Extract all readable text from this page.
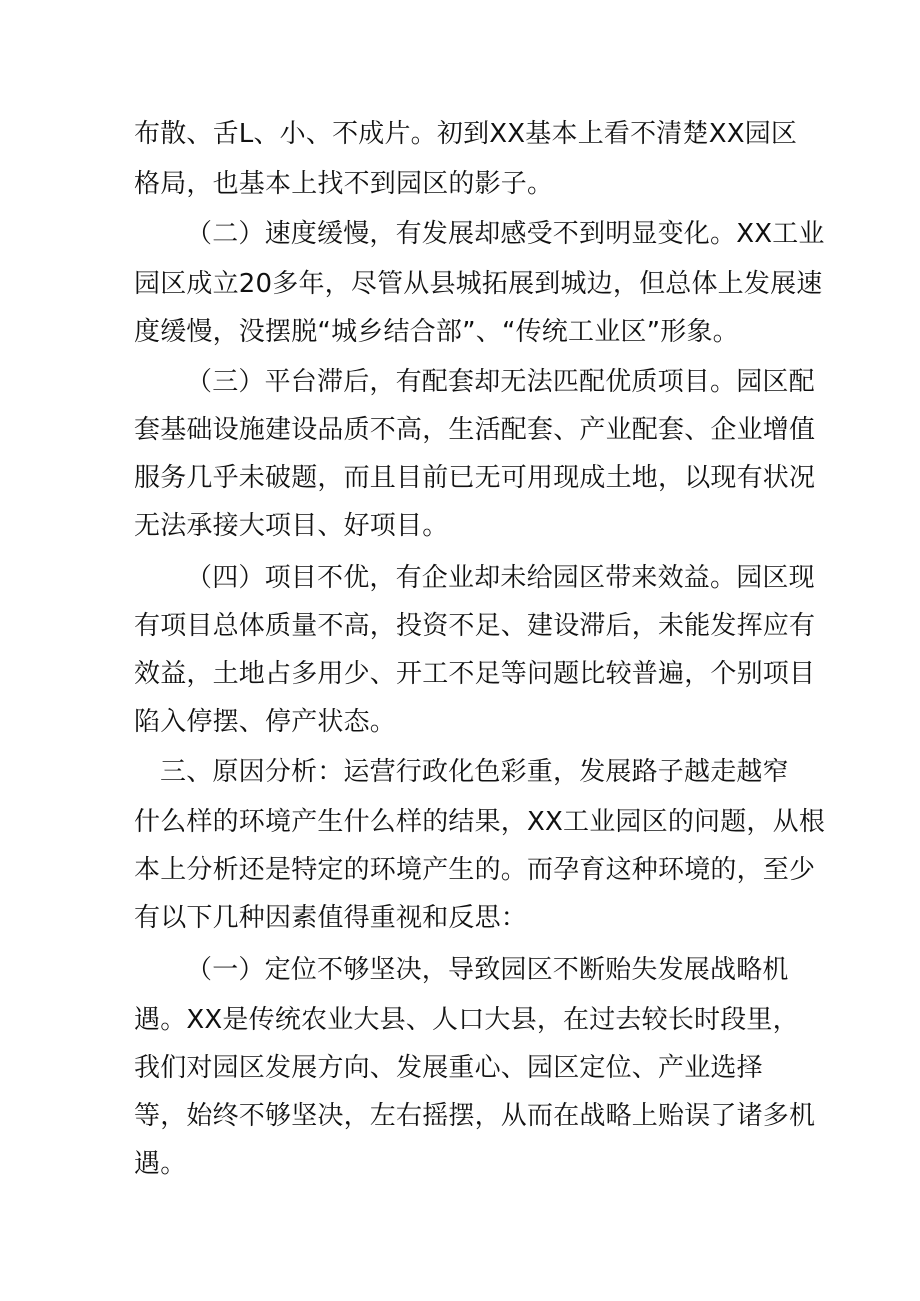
布散、舌L、小、不成片。初到XX基本上看不清楚XX园区
格局，也基本上找不到园区的影子。
（二）速度缓慢，有发展却感受不到明显变化。XX工业
园区成立20多年，尽管从县城拓展到城边，但总体上发展速
度缓慢，没摆脱“城乡结合部”、“传统工业区”形象。
（三）平台滞后，有配套却无法匹配优质项目。园区配
套基础设施建设品质不高，生活配套、产业配套、企业增值
服务几乎未破题，而且目前已无可用现成土地，以现有状况
无法承接大项目、好项目。
（四）项目不优，有企业却未给园区带来效益。园区现
有项目总体质量不高，投资不足、建设滞后，未能发挥应有
效益，土地占多用少、开工不足等问题比较普遍，个别项目
陷入停摆、停产状态。
三、原因分析：运营行政化色彩重，发展路子越走越窄
什么样的环境产生什么样的结果，XX工业园区的问题，从根
本上分析还是特定的环境产生的。而孕育这种环境的，至少
有以下几种因素值得重视和反思：
（一）定位不够坚决，导致园区不断贻失发展战略机
遇。XX是传统农业大县、人口大县，在过去较长时段里，
我们对园区发展方向、发展重心、园区定位、产业选择
等，始终不够坚决，左右摇摆，从而在战略上贻误了诸多机
遇。
